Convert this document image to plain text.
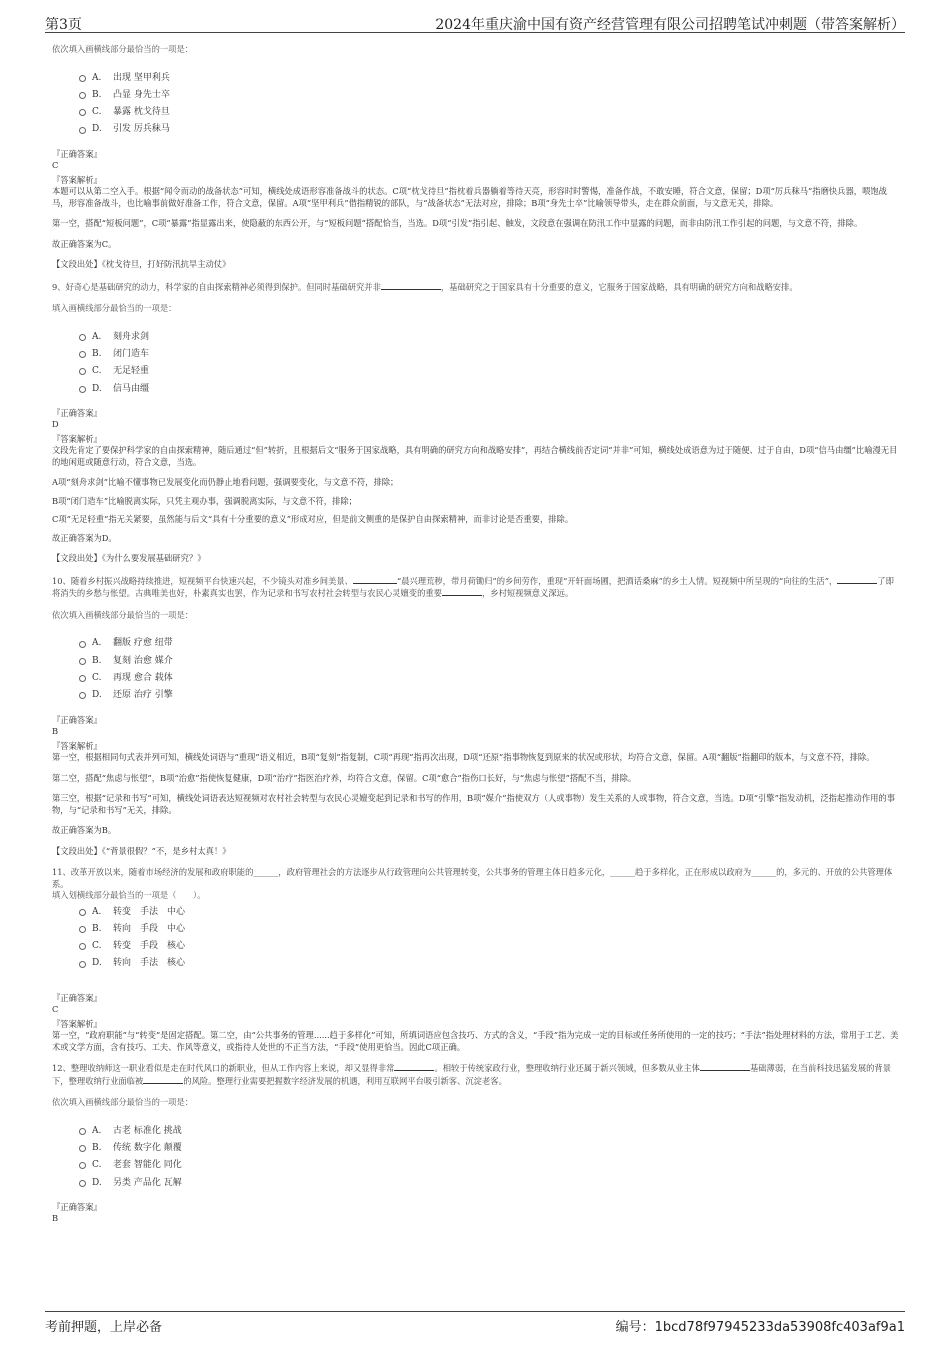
第3页	2024年重庆渝中国有资产经营管理有限公司招聘笔试冲刺题（带答案解析）

依次填入画横线部分最恰当的一项是：

A.	出现 坚甲利兵
B.	凸显 身先士卒
C.	暴露 枕戈待旦
D.	引发 厉兵秣马

『正确答案』

C

『答案解析』

本题可以从第二空入手。根据“闻令而动的战备状态”可知，横线处成语形容准备战斗的状态。C项“枕戈待旦”指枕着兵器躺着等待天亮，形容时时警惕，准备作战，不敢安睡，符合文意，保留；D项“厉兵秣马”指磨快兵器，喂饱战马，形容准备战斗，也比喻事前做好准备工作，符合文意，保留。A项“坚甲利兵”借指精锐的部队，与“战备状态”无法对应，排除；B项“身先士卒”比喻领导带头，走在群众前面，与文意无关，排除。

第一空，搭配“短板问题”，C项“暴露”指显露出来，使隐蔽的东西公开，与“短板问题”搭配恰当，当选。D项“引发”指引起、触发，文段意在强调在防汛工作中显露的问题，而非由防汛工作引起的问题，与文意不符，排除。

故正确答案为C。

【文段出处】《枕戈待旦，打好防汛抗旱主动仗》

9、好奇心是基础研究的动力，科学家的自由探索精神必须得到保护。但同时基础研究并非	，基础研究之于国家具有十分重要的意义，它服务于国家战略，具有明确的研究方向和战略安排。

填入画横线部分最恰当的一项是：

A.	刻舟求剑
B.	闭门造车
C.	无足轻重
D.	信马由缰

『正确答案』

D

『答案解析』

文段先肯定了要保护科学家的自由探索精神，随后通过“但”转折，且根据后文“服务于国家战略，具有明确的研究方向和战略安排”，再结合横线前否定词“并非”可知，横线处成语意为过于随便、过于自由，D项“信马由缰”比喻漫无目的地闲逛或随意行动，符合文意，当选。

A项“刻舟求剑”比喻不懂事物已发展变化而仍静止地看问题，强调要变化，与文意不符，排除；

B项“闭门造车”比喻脱离实际，只凭主观办事，强调脱离实际，与文意不符，排除；

C项“无足轻重”指无关紧要，虽然能与后文“具有十分重要的意义”形成对应，但是前文侧重的是保护自由探索精神，而非讨论是否重要，排除。

故正确答案为D。

【文段出处】《为什么要发展基础研究？》

10、随着乡村振兴战略持续推进，短视频平台快速兴起，不少镜头对准乡间美景、	“晨兴理荒秽，带月荷锄归”的乡间劳作，重现“开轩面场圃，把酒话桑麻”的乡土人情。短视频中所呈现的“向往的生活”，	了即将消失的乡愁与怅望。古典唯美也好，朴素真实也罢，作为记录和书写农村社会转型与农民心灵嬗变的重要	，乡村短视频意义深远。

依次填入画横线部分最恰当的一项是：

A.	翻版 疗愈 纽带
B.	复刻 治愈 媒介
C.	再现 愈合 载体
D.	还原 治疗 引擎

『正确答案』

B

『答案解析』

第一空，根据相同句式表并列可知，横线处词语与“重现”语义相近，B项“复刻”指复制，C项“再现”指再次出现，D项“还原”指事物恢复到原来的状况或形状，均符合文意，保留。A项“翻版”指翻印的版本，与文意不符，排除。

第二空，搭配“焦虑与怅望”，B项“治愈”指使恢复健康，D项“治疗”指医治疗养，均符合文意，保留。C项“愈合”指伤口长好，与“焦虑与怅望”搭配不当，排除。

第三空，根据“记录和书写”可知，横线处词语表达短视频对农村社会转型与农民心灵嬗变起到记录和书写的作用，B项“媒介”指使双方（人或事物）发生关系的人或事物，符合文意，当选。D项“引擎”指发动机，泛指起推动作用的事物，与“记录和书写”无关，排除。

故正确答案为B。

【文段出处】《“背景很假？”不，是乡村太真！》

11、改革开放以来，随着市场经济的发展和政府职能的______，政府管理社会的方法逐步从行政管理向公共管理转变，公共事务的管理主体日趋多元化，______趋于多样化，正在形成以政府为______的，多元的、开放的公共管理体系。

填入划横线部分最恰当的一项是（　　）。

A.	转变　手法　中心
B.	转向　手段　中心
C.	转变　手段　核心
D.	转向　手法　核心

『正确答案』

C

『答案解析』

第一空，“政府职能”与“转变”是固定搭配。第二空，由“公共事务的管理......趋于多样化”可知，所填词语应包含技巧、方式的含义，“手段”指为完成一定的目标或任务所使用的一定的技巧；“手法”指处理材料的方法，常用于工艺、美术或文学方面，含有技巧、工夫、作风等意义，或指待人处世的不正当方法，“手段”使用更恰当。因此C项正确。

12、整理收纳师这一职业看似是走在时代风口的新职业，但从工作内容上来说，却又显得非常	。相较于传统家政行业，整理收纳行业还属于新兴领域，但多数从业主体	基础薄弱，在当前科技迅猛发展的背景下，整理收纳行业面临被	的风险。整理行业需要把握数字经济发展的机遇，利用互联网平台吸引新客、沉淀老客。

依次填入画横线部分最恰当的一项是：

A.	古老 标准化 挑战
B.	传统 数字化 颠覆
C.	老套 智能化 同化
D.	另类 产品化 瓦解

『正确答案』

B

考前押题，上岸必备	编号：1bcd78f97945233da53908fc403af9a1
